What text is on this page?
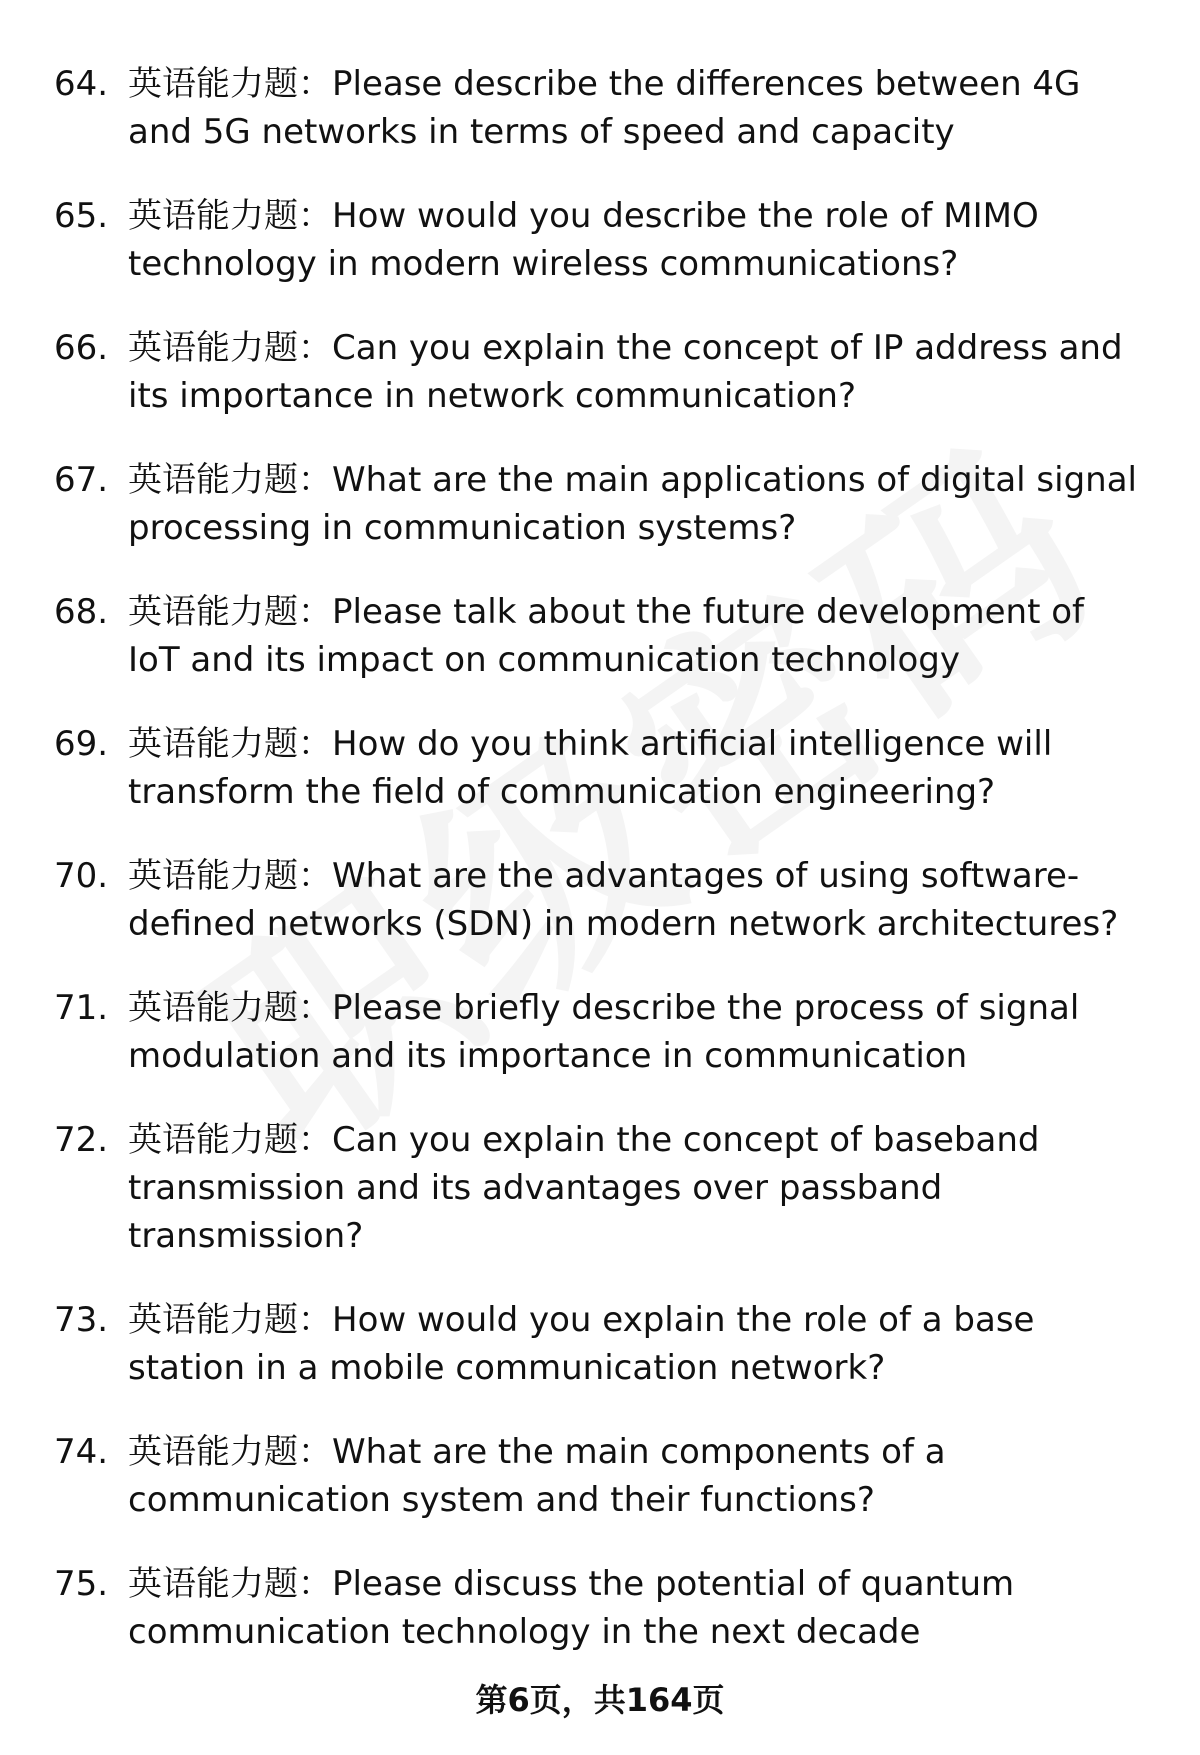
64. 英语能力题：Please describe the differences between 4G and 5G networks in terms of speed and capacity
65. 英语能力题：How would you describe the role of MIMO technology in modern wireless communications?
66. 英语能力题：Can you explain the concept of IP address and its importance in network communication?
67. 英语能力题：What are the main applications of digital signal processing in communication systems?
68. 英语能力题：Please talk about the future development of IoT and its impact on communication technology
69. 英语能力题：How do you think artificial intelligence will transform the field of communication engineering?
70. 英语能力题：What are the advantages of using software-defined networks (SDN) in modern network architectures?
71. 英语能力题：Please briefly describe the process of signal modulation and its importance in communication
72. 英语能力题：Can you explain the concept of baseband transmission and its advantages over passband transmission?
73. 英语能力题：How would you explain the role of a base station in a mobile communication network?
74. 英语能力题：What are the main components of a communication system and their functions?
75. 英语能力题：Please discuss the potential of quantum communication technology in the next decade
第6页，共164页
